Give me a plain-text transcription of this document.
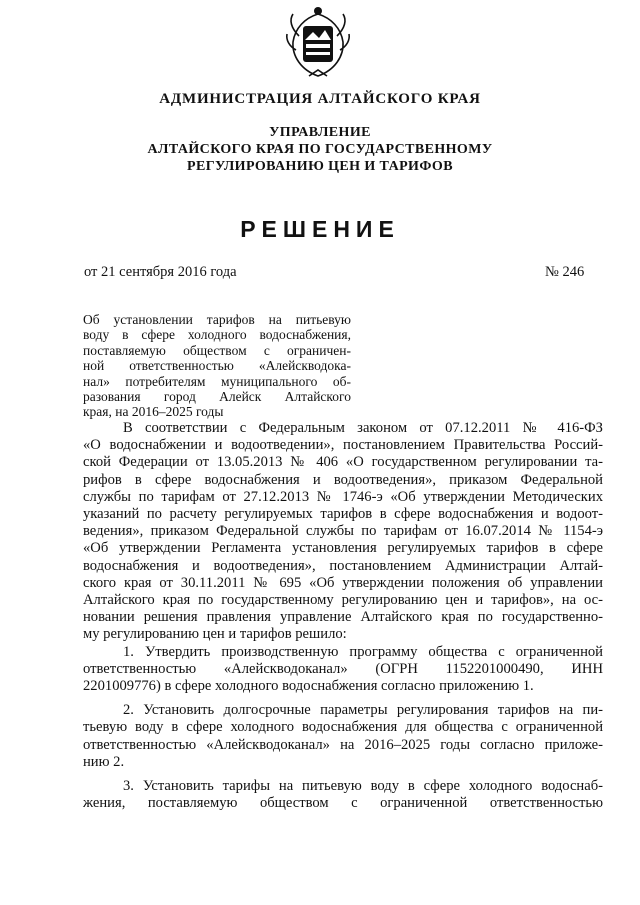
АДМИНИСТРАЦИЯ АЛТАЙСКОГО КРАЯ
УПРАВЛЕНИЕ
АЛТАЙСКОГО КРАЯ ПО ГОСУДАРСТВЕННОМУ
РЕГУЛИРОВАНИЮ ЦЕН И ТАРИФОВ
РЕШЕНИЕ
от 21 сентября 2016 года	№ 246
Об установлении тарифов на питьевую
воду в сфере холодного водоснабжения,
поставляемую обществом с ограничен-
ной ответственностью «Алейскводока-
нал» потребителям муниципального об-
разования город Алейск Алтайского
края, на 2016–2025 годы
В соответствии с Федеральным законом от 07.12.2011 № 416-ФЗ
«О водоснабжении и водоотведении», постановлением Правительства Россий-
ской Федерации от 13.05.2013 № 406 «О государственном регулировании та-
рифов в сфере водоснабжения и водоотведения», приказом Федеральной
службы по тарифам от 27.12.2013 № 1746-э «Об утверждении Методических
указаний по расчету регулируемых тарифов в сфере водоснабжения и водоот-
ведения», приказом Федеральной службы по тарифам от 16.07.2014 № 1154-э
«Об утверждении Регламента установления регулируемых тарифов в сфере
водоснабжения и водоотведения», постановлением Администрации Алтай-
ского края от 30.11.2011 № 695 «Об утверждении положения об управлении
Алтайского края по государственному регулированию цен и тарифов», на ос-
новании решения правления управление Алтайского края по государственно-
му регулированию цен и тарифов решило:
1. Утвердить производственную программу общества с ограниченной
ответственностью «Алейскводоканал» (ОГРН 1152201000490, ИНН
2201009776) в сфере холодного водоснабжения согласно приложению 1.
2. Установить долгосрочные параметры регулирования тарифов на пи-
тьевую воду в сфере холодного водоснабжения для общества с ограниченной
ответственностью «Алейскводоканал» на 2016–2025 годы согласно приложе-
нию 2.
3. Установить тарифы на питьевую воду в сфере холодного водоснаб-
жения, поставляемую обществом с ограниченной ответственностью
